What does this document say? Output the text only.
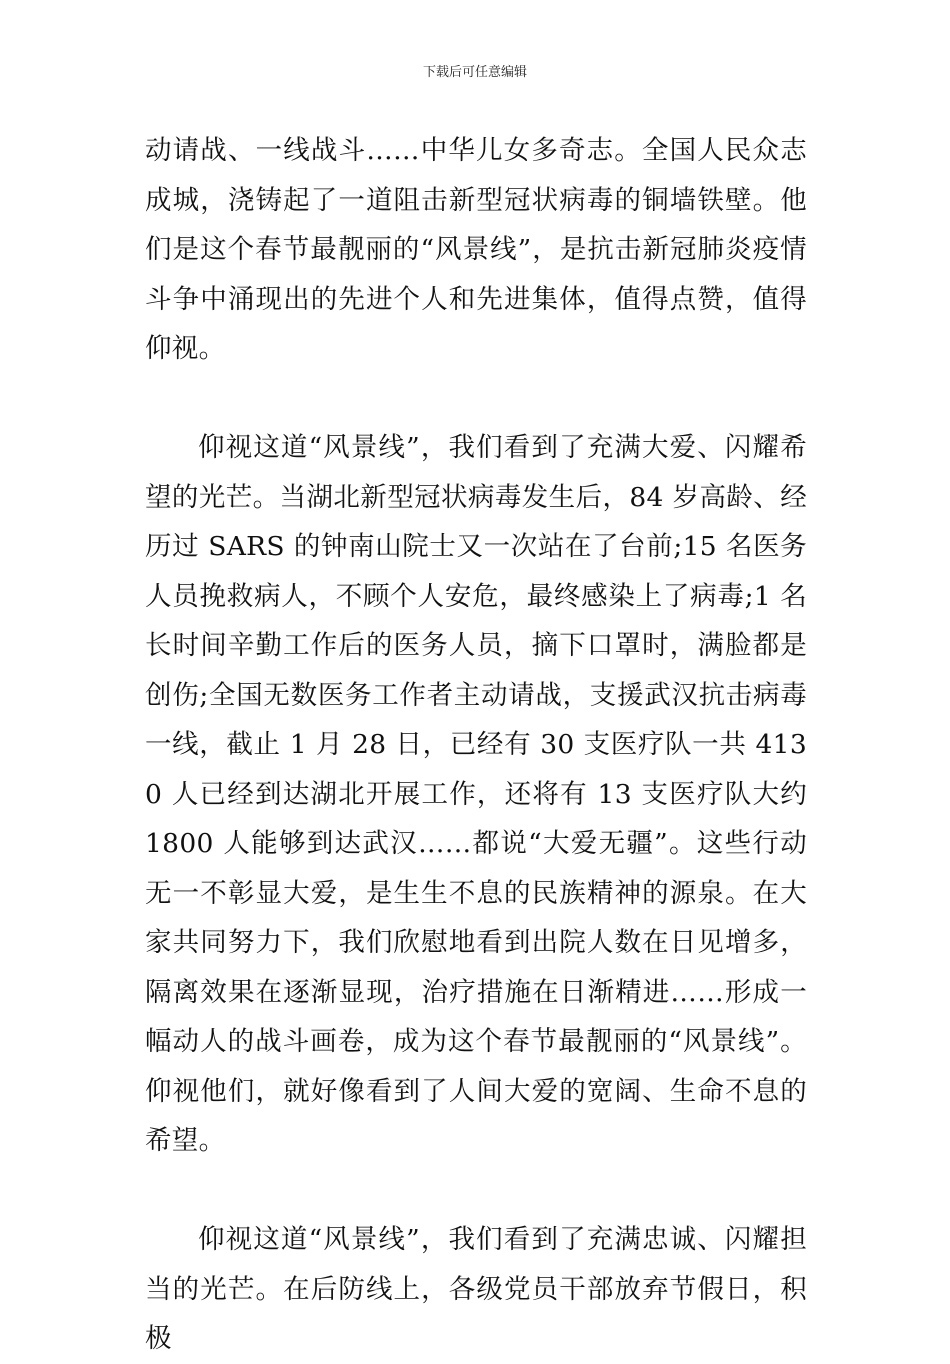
下载后可任意编辑

动请战、一线战斗……中华儿女多奇志。全国人民众志成城，浇铸起了一道阻击新型冠状病毒的铜墙铁壁。他们是这个春节最靓丽的“风景线”，是抗击新冠肺炎疫情斗争中涌现出的先进个人和先进集体，值得点赞，值得仰视。

仰视这道“风景线”，我们看到了充满大爱、闪耀希望的光芒。当湖北新型冠状病毒发生后，84 岁高龄、经历过 SARS 的钟南山院士又一次站在了台前;15 名医务人员挽救病人，不顾个人安危，最终感染上了病毒;1 名长时间辛勤工作后的医务人员，摘下口罩时，满脸都是创伤;全国无数医务工作者主动请战，支援武汉抗击病毒一线，截止 1 月 28 日，已经有 30 支医疗队一共 4130 人已经到达湖北开展工作，还将有 13 支医疗队大约 1800 人能够到达武汉……都说“大爱无疆”。这些行动无一不彰显大爱，是生生不息的民族精神的源泉。在大家共同努力下，我们欣慰地看到出院人数在日见增多，隔离效果在逐渐显现，治疗措施在日渐精进……形成一幅动人的战斗画卷，成为这个春节最靓丽的“风景线”。仰视他们，就好像看到了人间大爱的宽阔、生命不息的希望。

仰视这道“风景线”，我们看到了充满忠诚、闪耀担当的光芒。在后防线上，各级党员干部放弃节假日，积极
